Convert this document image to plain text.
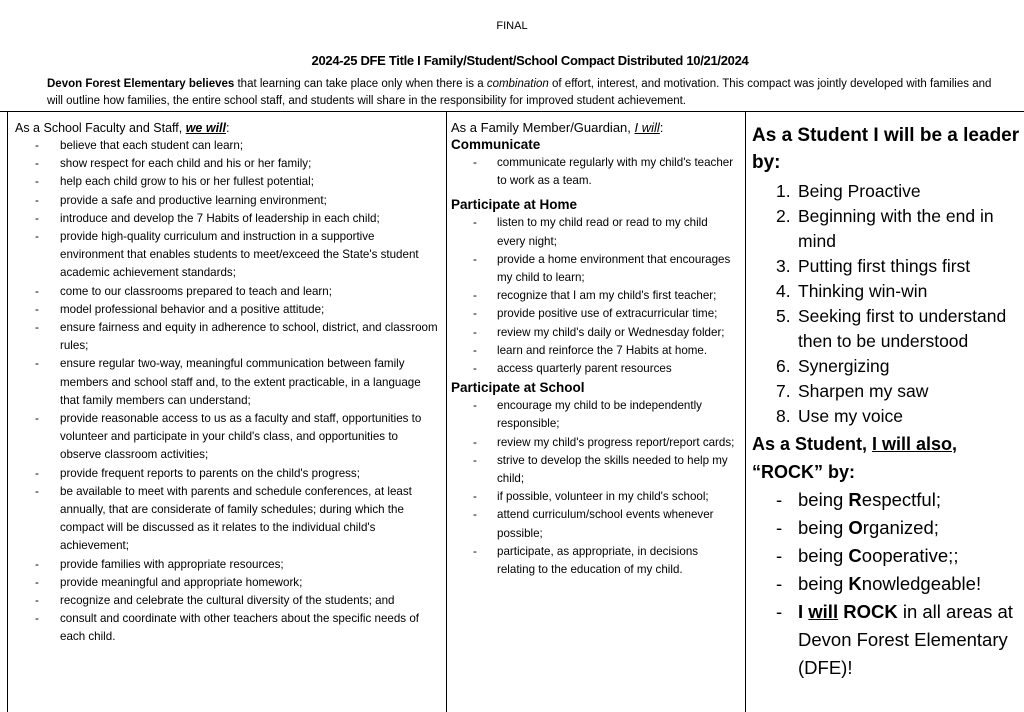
FINAL
2024-25 DFE Title I Family/Student/School Compact Distributed 10/21/2024
Devon Forest Elementary believes that learning can take place only when there is a combination of effort, interest, and motivation. This compact was jointly developed with families and will outline how families, the entire school staff, and students will share in the responsibility for improved student achievement.
As a School Faculty and Staff, we will:
- believe that each student can learn;
- show respect for each child and his or her family;
- help each child grow to his or her fullest potential;
- provide a safe and productive learning environment;
- introduce and develop the 7 Habits of leadership in each child;
- provide high-quality curriculum and instruction in a supportive environment that enables students to meet/exceed the State's student academic achievement standards;
- come to our classrooms prepared to teach and learn;
- model professional behavior and a positive attitude;
- ensure fairness and equity in adherence to school, district, and classroom rules;
- ensure regular two-way, meaningful communication between family members and school staff and, to the extent practicable, in a language that family members can understand;
- provide reasonable access to us as a faculty and staff, opportunities to volunteer and participate in your child's class, and opportunities to observe classroom activities;
- provide frequent reports to parents on the child's progress;
- be available to meet with parents and schedule conferences, at least annually, that are considerate of family schedules; during which the compact will be discussed as it relates to the individual child's achievement;
- provide families with appropriate resources;
- provide meaningful and appropriate homework;
- recognize and celebrate the cultural diversity of the students; and
- consult and coordinate with other teachers about the specific needs of each child.
As a Family Member/Guardian, I will:
Communicate
- communicate regularly with my child's teacher to work as a team.
Participate at Home
- listen to my child read or read to my child every night;
- provide a home environment that encourages my child to learn;
- recognize that I am my child's first teacher;
- provide positive use of extracurricular time;
- review my child's daily or Wednesday folder;
- learn and reinforce the 7 Habits at home.
- access quarterly parent resources
Participate at School
- encourage my child to be independently responsible;
- review my child's progress report/report cards;
- strive to develop the skills needed to help my child;
- if possible, volunteer in my child's school;
- attend curriculum/school events whenever possible;
- participate, as appropriate, in decisions relating to the education of my child.
As a Student I will be a leader by:
1. Being Proactive
2. Beginning with the end in mind
3. Putting first things first
4. Thinking win-win
5. Seeking first to understand then to be understood
6. Synergizing
7. Sharpen my saw
8. Use my voice
As a Student, I will also, “ROCK” by:
- being Respectful;
- being Organized;
- being Cooperative;;
- being Knowledgeable!
- I will ROCK in all areas at Devon Forest Elementary (DFE)!
